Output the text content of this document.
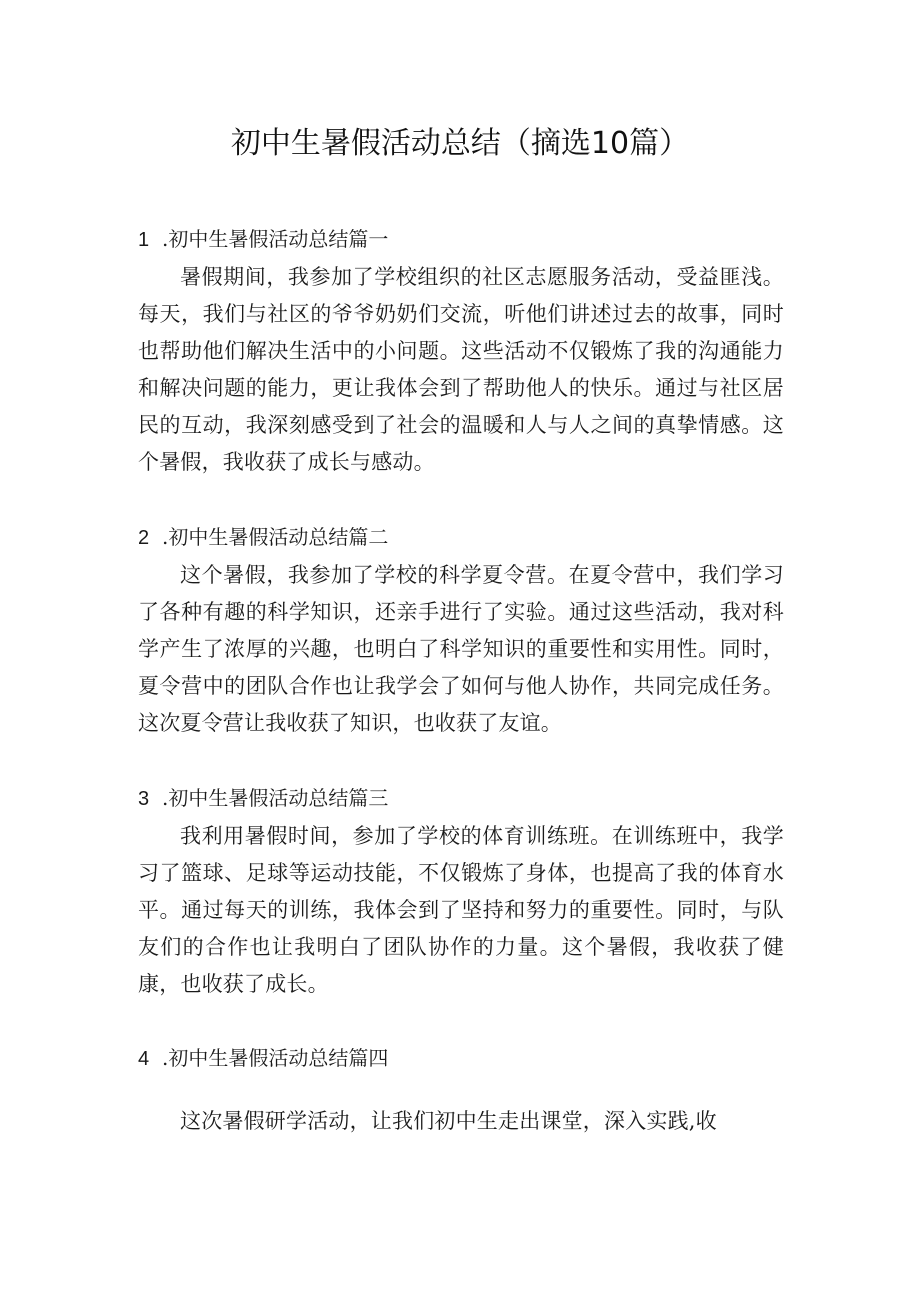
初中生暑假活动总结（摘选10篇）
1 .初中生暑假活动总结篇一

暑假期间，我参加了学校组织的社区志愿服务活动，受益匪浅。每天，我们与社区的爷爷奶奶们交流，听他们讲述过去的故事，同时也帮助他们解决生活中的小问题。这些活动不仅锻炼了我的沟通能力和解决问题的能力，更让我体会到了帮助他人的快乐。通过与社区居民的互动，我深刻感受到了社会的温暖和人与人之间的真挚情感。这个暑假，我收获了成长与感动。

2 .初中生暑假活动总结篇二

这个暑假，我参加了学校的科学夏令营。在夏令营中，我们学习了各种有趣的科学知识，还亲手进行了实验。通过这些活动，我对科学产生了浓厚的兴趣，也明白了科学知识的重要性和实用性。同时，夏令营中的团队合作也让我学会了如何与他人协作，共同完成任务。这次夏令营让我收获了知识，也收获了友谊。

3 .初中生暑假活动总结篇三

我利用暑假时间，参加了学校的体育训练班。在训练班中，我学习了篮球、足球等运动技能，不仅锻炼了身体，也提高了我的体育水平。通过每天的训练，我体会到了坚持和努力的重要性。同时，与队友们的合作也让我明白了团队协作的力量。这个暑假，我收获了健康，也收获了成长。

4 .初中生暑假活动总结篇四

这次暑假研学活动，让我们初中生走出课堂，深入实践,收
